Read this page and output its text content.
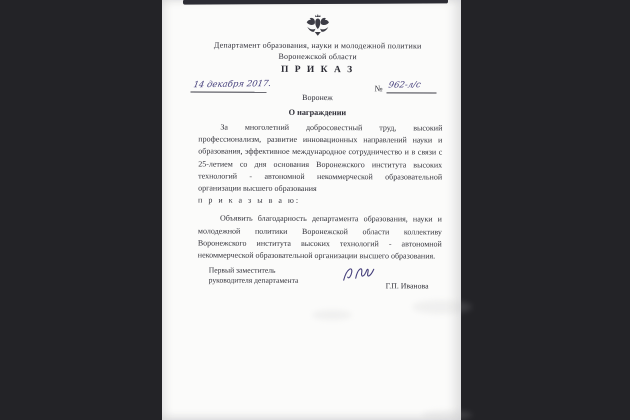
Департамент образования, науки и молодежной политики
Воронежской области
П Р И К А З
14 декабря 2017.	№ 962-л/с
Воронеж
О награждении
За многолетний добросовестный труд, высокий профессионализм, развитие инновационных направлений науки и образования, эффективное международное сотрудничество и в связи с 25-летием со дня основания Воронежского института высоких технологий - автономной некоммерческой образовательной организации высшего образования
п р и к а з ы в а ю:
Объявить благодарность департамента образования, науки и молодежной политики Воронежской области коллективу Воронежского института высоких технологий - автономной некоммерческой образовательной организации высшего образования.
Первый заместитель
руководителя департамента
Г.П. Иванова
